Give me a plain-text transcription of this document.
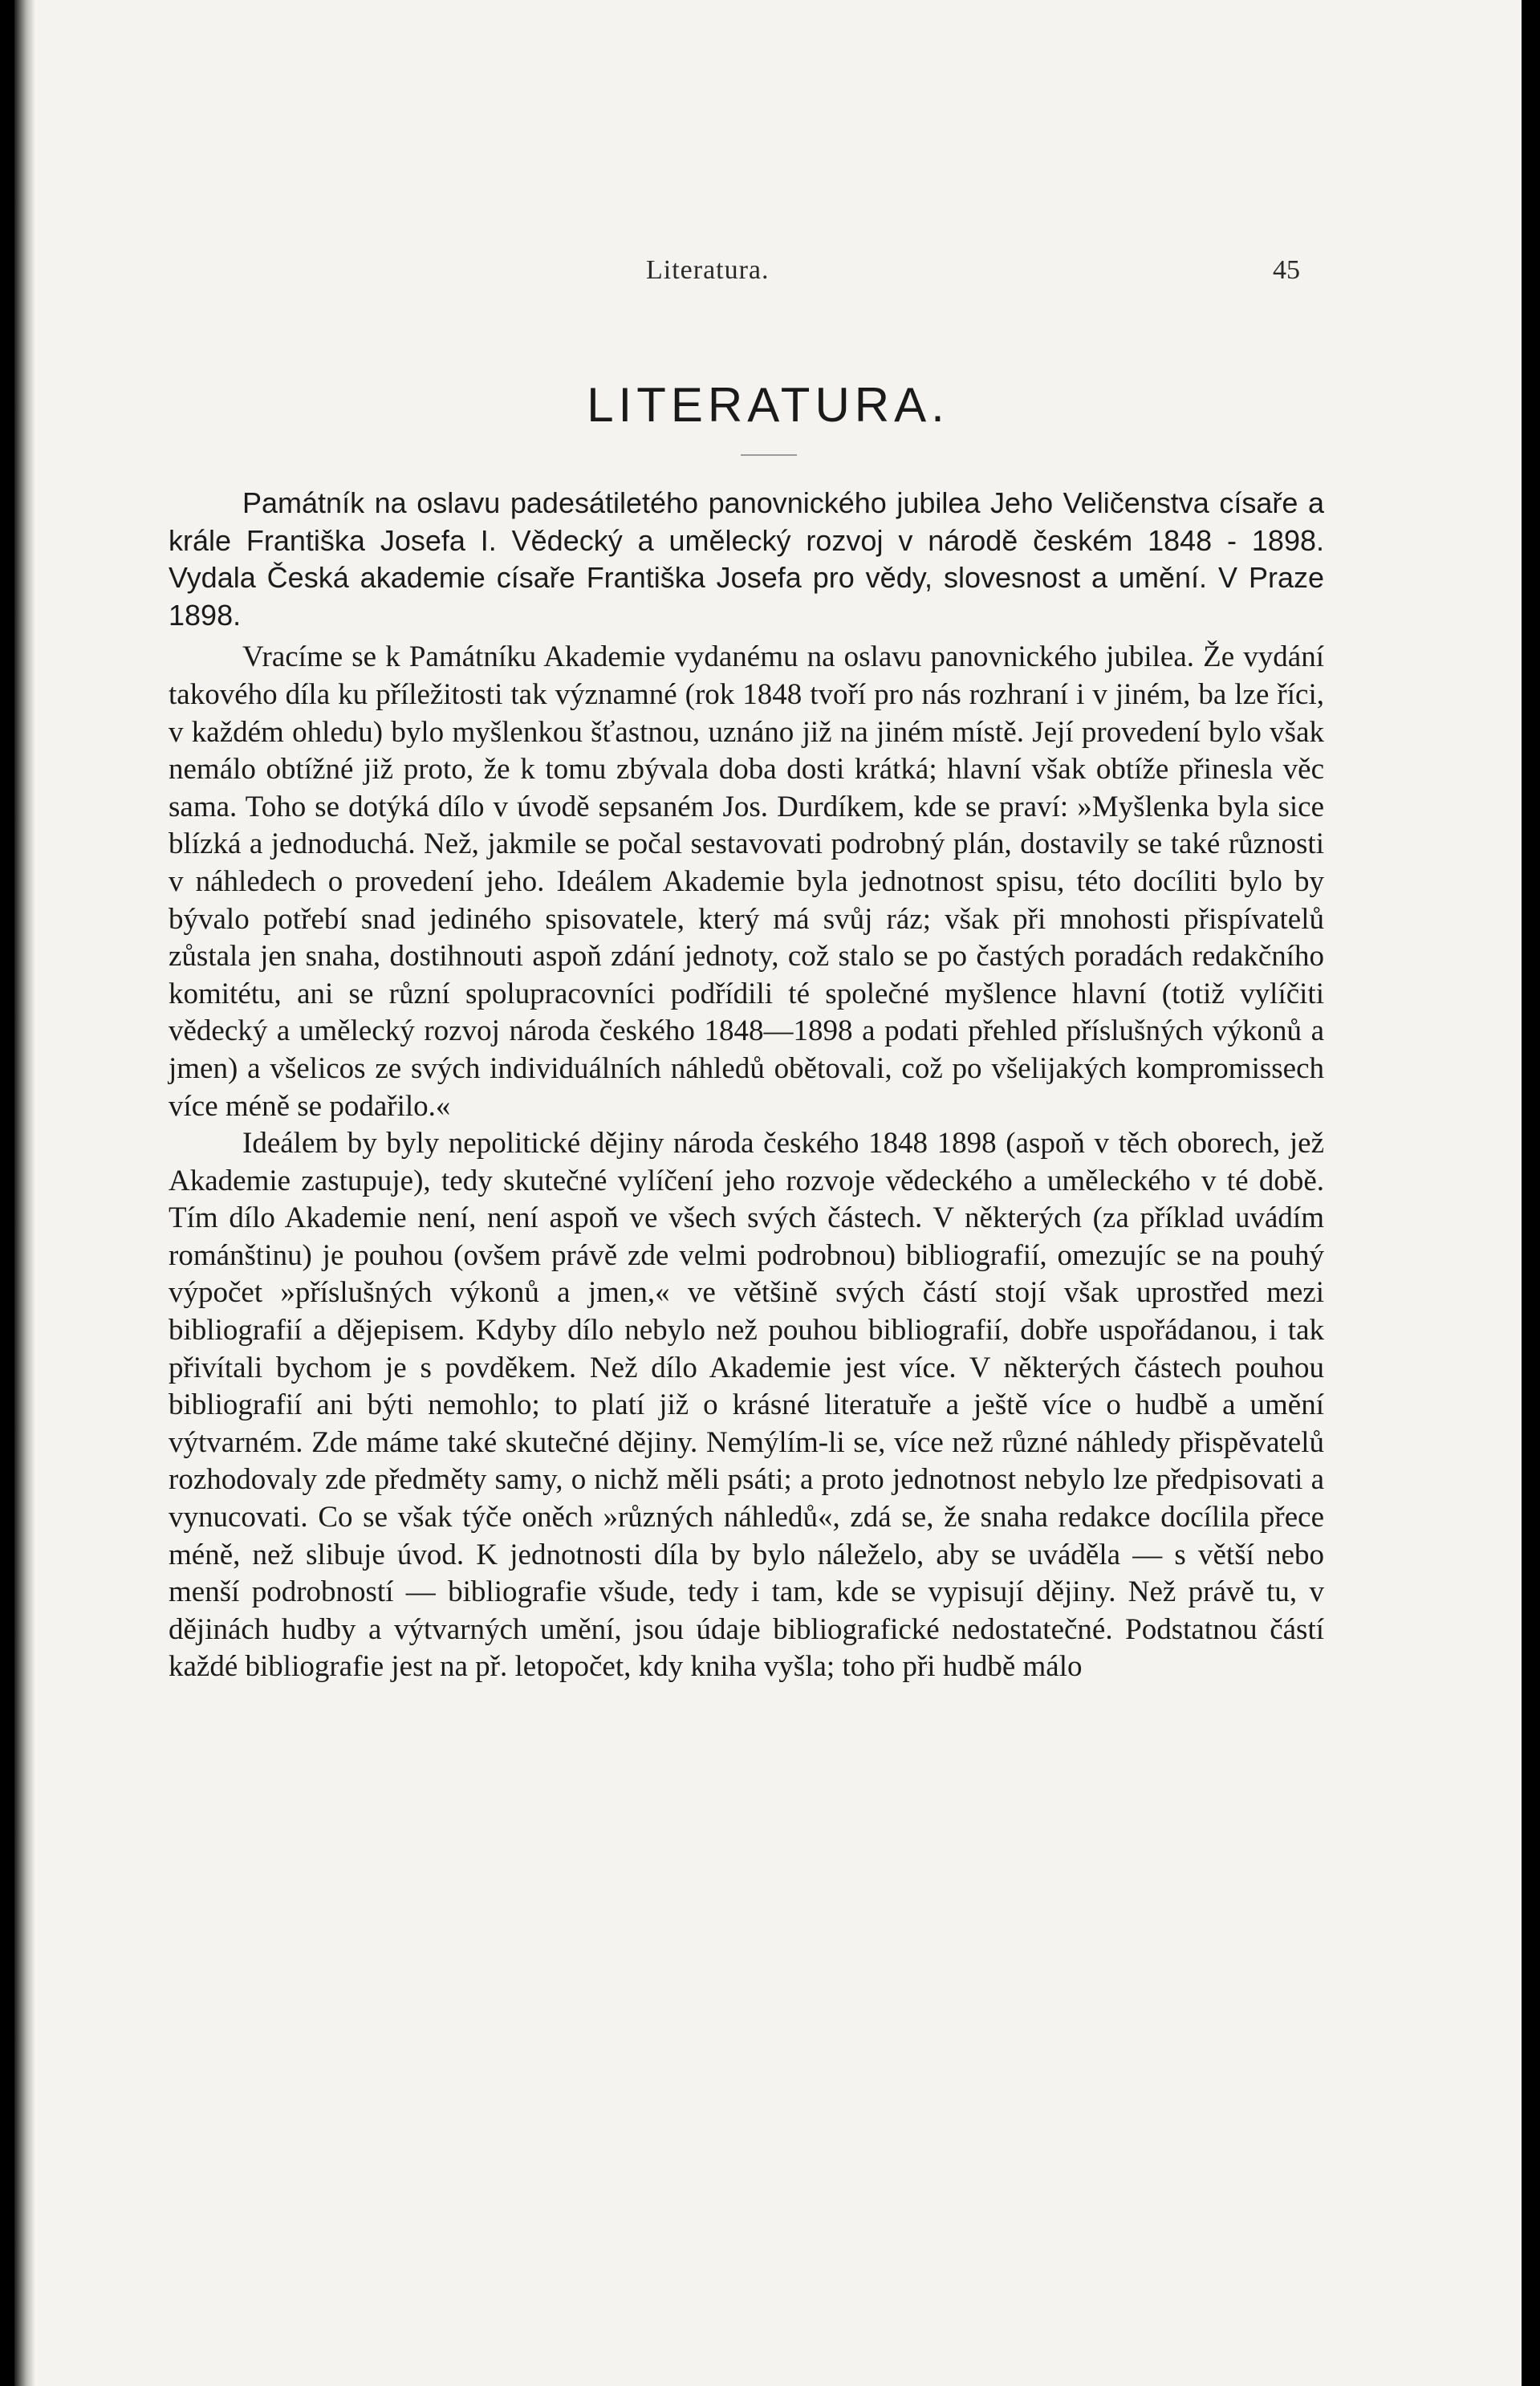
Literatura.	45
LITERATURA.

Památník na oslavu padesátiletého panovnického jubilea Jeho Veličenstva císaře a krále Františka Josefa I. Vědecký a umělecký rozvoj v národě českém 1848 - 1898. Vydala Česká akademie císaře Františka Josefa pro vědy, slovesnost a umění. V Praze 1898.

Vracíme se k Památníku Akademie vydanému na oslavu panovnického jubilea. Že vydání takového díla ku příležitosti tak významné (rok 1848 tvoří pro nás rozhraní i v jiném, ba lze říci, v každém ohledu) bylo myšlenkou šťastnou, uznáno již na jiném místě. Její provedení bylo však nemálo obtížné již proto, že k tomu zbývala doba dosti krátká; hlavní však obtíže přinesla věc sama. Toho se dotýká dílo v úvodě sepsaném Jos. Durdíkem, kde se praví: »Myšlenka byla sice blízká a jednoduchá. Než, jakmile se počal sestavovati podrobný plán, dostavily se také různosti v náhledech o provedení jeho. Ideálem Akademie byla jednotnost spisu, této docíliti bylo by bývalo potřebí snad jediného spisovatele, který má svůj ráz; však při mnohosti přispívatelů zůstala jen snaha, dostihnouti aspoň zdání jednoty, což stalo se po častých poradách redakčního komitétu, ani se různí spolupracovníci podřídili té společné myšlence hlavní (totiž vylíčiti vědecký a umělecký rozvoj národa českého 1848—1898 a podati přehled příslušných výkonů a jmen) a všelicos ze svých individuálních náhledů obětovali, což po všelijakých kompromissech více méně se podařilo.«

Ideálem by byly nepolitické dějiny národa českého 1848 1898 (aspoň v těch oborech, jež Akademie zastupuje), tedy skutečné vylíčení jeho rozvoje vědeckého a uměleckého v té době. Tím dílo Akademie není, není aspoň ve všech svých částech. V některých (za příklad uvádím románštinu) je pouhou (ovšem právě zde velmi podrobnou) bibliografií, omezujíc se na pouhý výpočet »příslušných výkonů a jmen,« ve většině svých částí stojí však uprostřed mezi bibliografií a dějepisem. Kdyby dílo nebylo než pouhou bibliografií, dobře uspořádanou, i tak přivítali bychom je s povděkem. Než dílo Akademie jest více. V některých částech pouhou bibliografií ani býti nemohlo; to platí již o krásné literatuře a ještě více o hudbě a umění výtvarném. Zde máme také skutečné dějiny. Nemýlím-li se, více než různé náhledy přispěvatelů rozhodovaly zde předměty samy, o nichž měli psáti; a proto jednotnost nebylo lze předpisovati a vynucovati. Co se však týče oněch »různých náhledů«, zdá se, že snaha redakce docílila přece méně, než slibuje úvod. K jednotnosti díla by bylo náleželo, aby se uváděla — s větší nebo menší podrobností — bibliografie všude, tedy i tam, kde se vypisují dějiny. Než právě tu, v dějinách hudby a výtvarných umění, jsou údaje bibliografické nedostatečné. Podstatnou částí každé bibliografie jest na př. letopočet, kdy kniha vyšla; toho při hudbě málo
